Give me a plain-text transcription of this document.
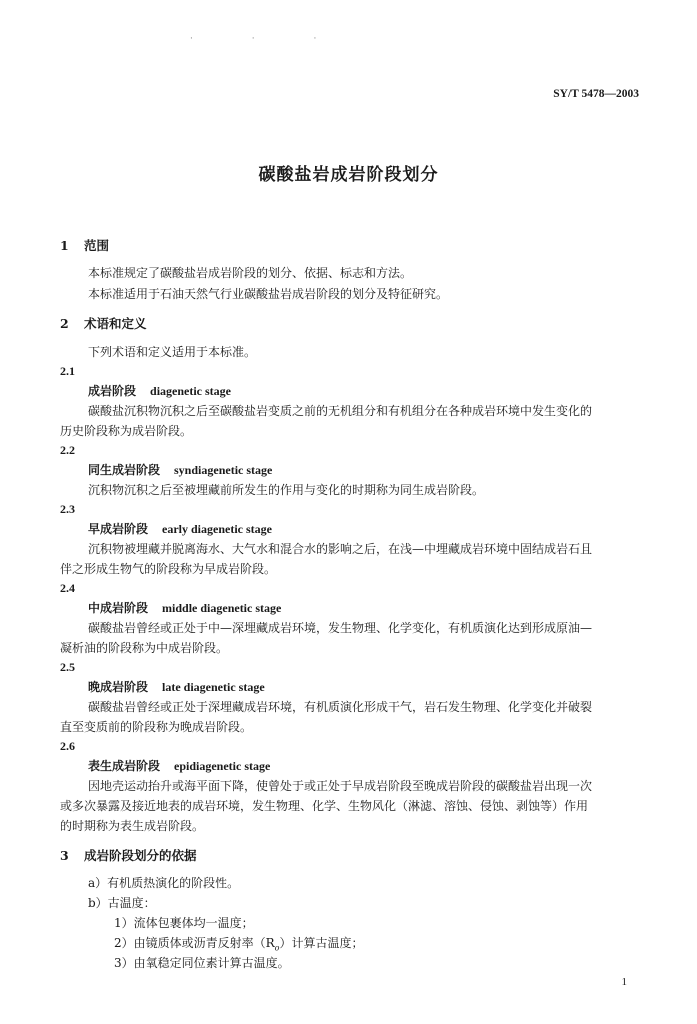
· · ·
SY/T 5478—2003
碳酸盐岩成岩阶段划分
1 范围
本标准规定了碳酸盐岩成岩阶段的划分、依据、标志和方法。
本标准适用于石油天然气行业碳酸盐岩成岩阶段的划分及特征研究。
2 术语和定义
下列术语和定义适用于本标准。
2.1
成岩阶段 diagenetic stage
碳酸盐沉积物沉积之后至碳酸盐岩变质之前的无机组分和有机组分在各种成岩环境中发生变化的
历史阶段称为成岩阶段。
2.2
同生成岩阶段 syndiagenetic stage
沉积物沉积之后至被埋藏前所发生的作用与变化的时期称为同生成岩阶段。
2.3
早成岩阶段 early diagenetic stage
沉积物被埋藏并脱离海水、大气水和混合水的影响之后，在浅—中埋藏成岩环境中固结成岩石且
伴之形成生物气的阶段称为早成岩阶段。
2.4
中成岩阶段 middle diagenetic stage
碳酸盐岩曾经或正处于中—深埋藏成岩环境，发生物理、化学变化，有机质演化达到形成原油—
凝析油的阶段称为中成岩阶段。
2.5
晚成岩阶段 late diagenetic stage
碳酸盐岩曾经或正处于深埋藏成岩环境，有机质演化形成干气，岩石发生物理、化学变化并破裂
直至变质前的阶段称为晚成岩阶段。
2.6
表生成岩阶段 epidiagenetic stage
因地壳运动抬升或海平面下降，使曾处于或正处于早成岩阶段至晚成岩阶段的碳酸盐岩出现一次
或多次暴露及接近地表的成岩环境，发生物理、化学、生物风化（淋滤、溶蚀、侵蚀、剥蚀等）作用
的时期称为表生成岩阶段。
3 成岩阶段划分的依据
a）有机质热演化的阶段性。
b）古温度：
1）流体包裹体均一温度；
2）由镜质体或沥青反射率$(R_o)$计算古温度；
3）由氧稳定同位素计算古温度。
1
